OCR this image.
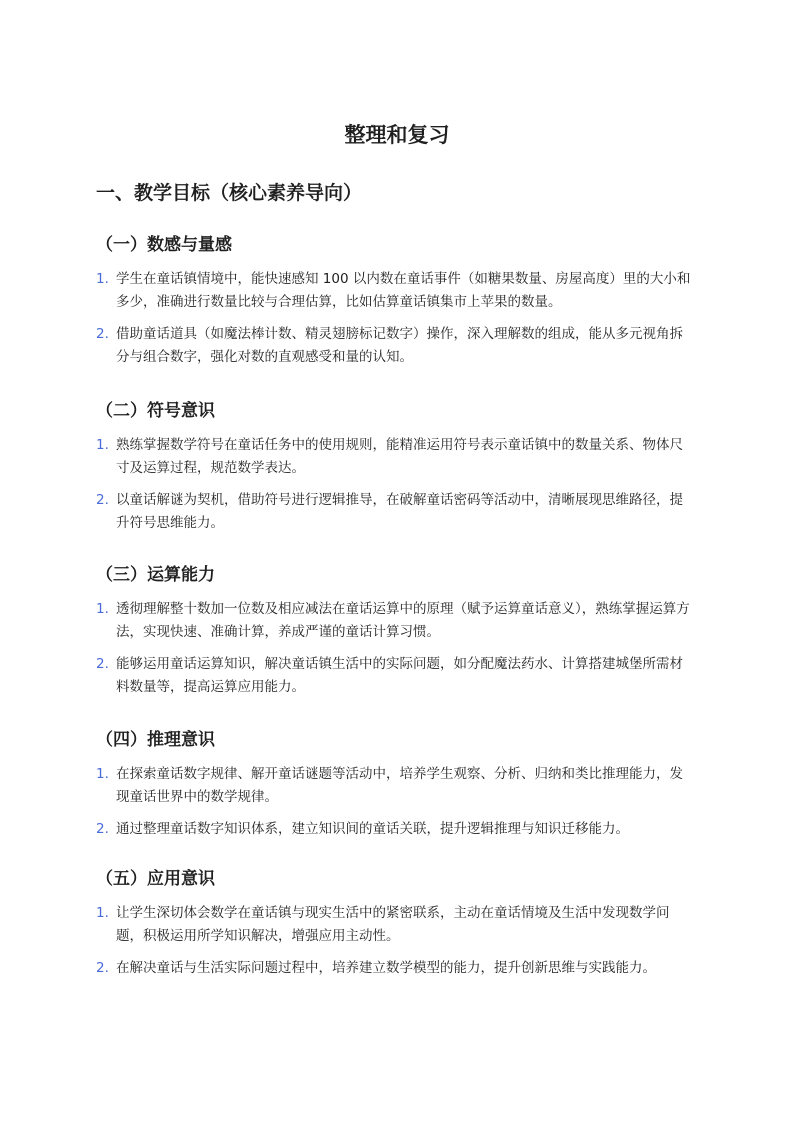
整理和复习
一、教学目标（核心素养导向）
（一）数感与量感
1. 学生在童话镇情境中，能快速感知 100 以内数在童话事件（如糖果数量、房屋高度）里的大小和多少，准确进行数量比较与合理估算，比如估算童话镇集市上苹果的数量。
2. 借助童话道具（如魔法棒计数、精灵翅膀标记数字）操作，深入理解数的组成，能从多元视角拆分与组合数字，强化对数的直观感受和量的认知。
（二）符号意识
1. 熟练掌握数学符号在童话任务中的使用规则，能精准运用符号表示童话镇中的数量关系、物体尺寸及运算过程，规范数学表达。
2. 以童话解谜为契机，借助符号进行逻辑推导，在破解童话密码等活动中，清晰展现思维路径，提升符号思维能力。
（三）运算能力
1. 透彻理解整十数加一位数及相应减法在童话运算中的原理（赋予运算童话意义），熟练掌握运算方法，实现快速、准确计算，养成严谨的童话计算习惯。
2. 能够运用童话运算知识，解决童话镇生活中的实际问题，如分配魔法药水、计算搭建城堡所需材料数量等，提高运算应用能力。
（四）推理意识
1. 在探索童话数字规律、解开童话谜题等活动中，培养学生观察、分析、归纳和类比推理能力，发现童话世界中的数学规律。
2. 通过整理童话数字知识体系，建立知识间的童话关联，提升逻辑推理与知识迁移能力。
（五）应用意识
1. 让学生深切体会数学在童话镇与现实生活中的紧密联系，主动在童话情境及生活中发现数学问题，积极运用所学知识解决，增强应用主动性。
2. 在解决童话与生活实际问题过程中，培养建立数学模型的能力，提升创新思维与实践能力。
